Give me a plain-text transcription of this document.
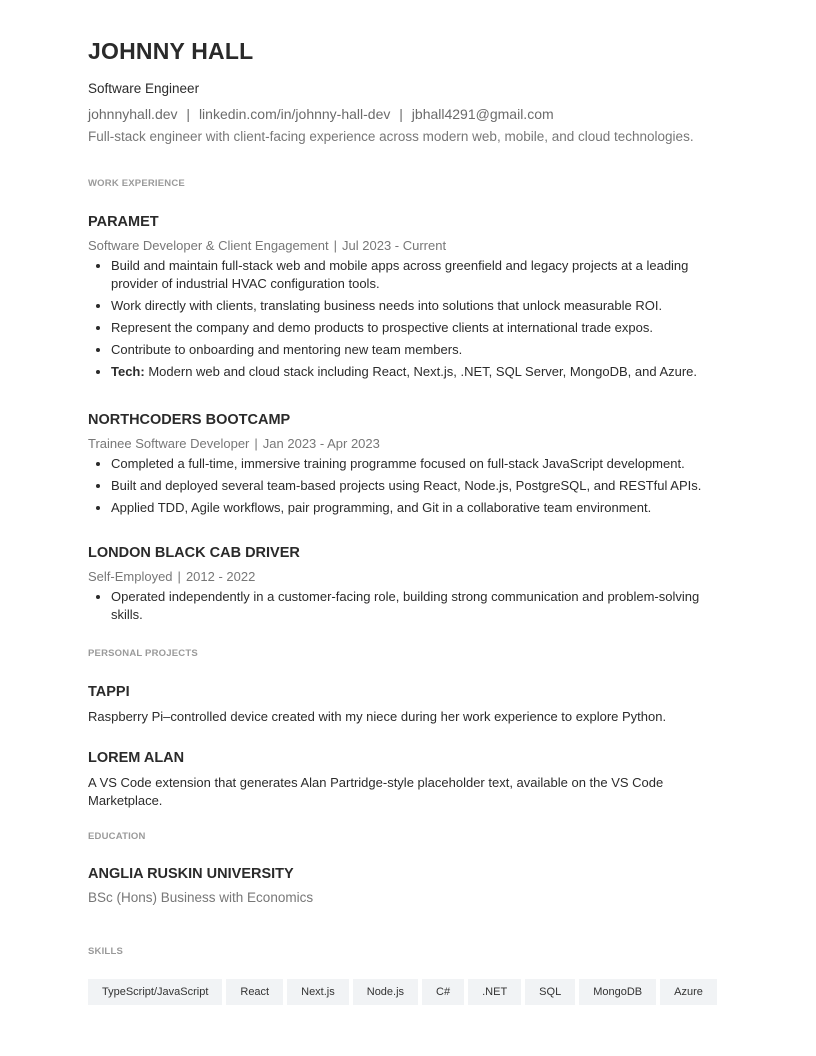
JOHNNY HALL
Software Engineer
johnnyhall.dev | linkedin.com/in/johnny-hall-dev | jbhall4291@gmail.com
Full-stack engineer with client-facing experience across modern web, mobile, and cloud technologies.
WORK EXPERIENCE
PARAMET
Software Developer & Client Engagement | Jul 2023 - Current
• Build and maintain full-stack web and mobile apps across greenfield and legacy projects at a leading provider of industrial HVAC configuration tools.
• Work directly with clients, translating business needs into solutions that unlock measurable ROI.
• Represent the company and demo products to prospective clients at international trade expos.
• Contribute to onboarding and mentoring new team members.
• Tech: Modern web and cloud stack including React, Next.js, .NET, SQL Server, MongoDB, and Azure.
NORTHCODERS BOOTCAMP
Trainee Software Developer | Jan 2023 - Apr 2023
• Completed a full-time, immersive training programme focused on full-stack JavaScript development.
• Built and deployed several team-based projects using React, Node.js, PostgreSQL, and RESTful APIs.
• Applied TDD, Agile workflows, pair programming, and Git in a collaborative team environment.
LONDON BLACK CAB DRIVER
Self-Employed | 2012 - 2022
• Operated independently in a customer-facing role, building strong communication and problem-solving skills.
PERSONAL PROJECTS
TAPPI
Raspberry Pi–controlled device created with my niece during her work experience to explore Python.
LOREM ALAN
A VS Code extension that generates Alan Partridge-style placeholder text, available on the VS Code Marketplace.
EDUCATION
ANGLIA RUSKIN UNIVERSITY
BSc (Hons) Business with Economics
SKILLS
TypeScript/JavaScript	React	Next.js	Node.js	C#	.NET	SQL	MongoDB	Azure
